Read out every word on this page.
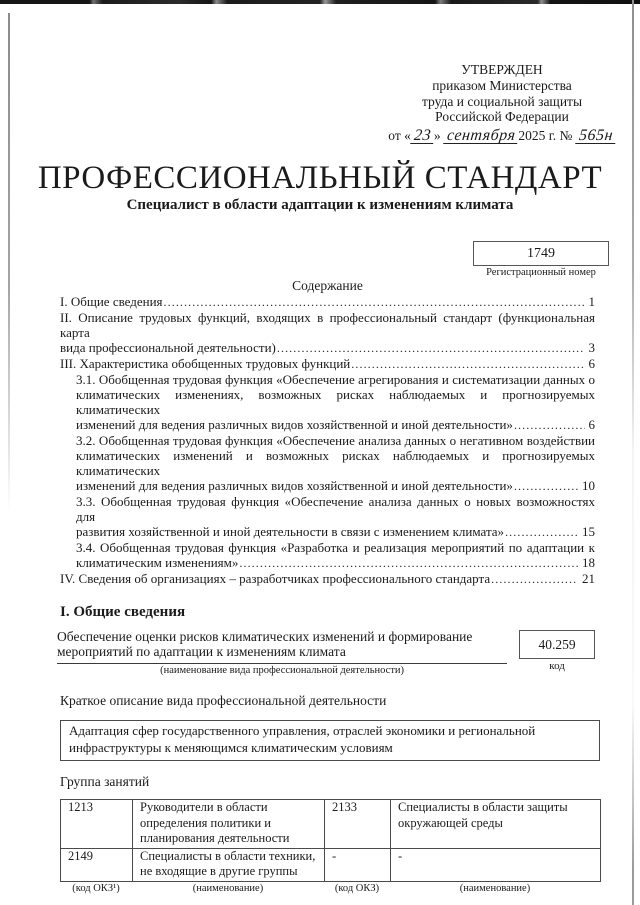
УТВЕРЖДЕН
приказом Министерства
труда и социальной защиты
Российской Федерации
от « 23 » сентября 2025 г. № 565н
ПРОФЕССИОНАЛЬНЫЙ СТАНДАРТ
Специалист в области адаптации к изменениям климата
1749
Регистрационный номер
Содержание
I. Общие сведения .....	1
II. Описание трудовых функций, входящих в профессиональный стандарт (функциональная карта
вида профессиональной деятельности) .....	3
III. Характеристика обобщенных трудовых функций .....	6
3.1. Обобщенная трудовая функция «Обеспечение агрегирования и систематизации данных о
климатических изменениях, возможных рисках наблюдаемых и прогнозируемых климатических
изменений для ведения различных видов хозяйственной и иной деятельности» .....	6
3.2. Обобщенная трудовая функция «Обеспечение анализа данных о негативном воздействии
климатических изменений и возможных рисках наблюдаемых и прогнозируемых климатических
изменений для ведения различных видов хозяйственной и иной деятельности» .....	10
3.3. Обобщенная трудовая функция «Обеспечение анализа данных о новых возможностях для
развития хозяйственной и иной деятельности в связи с изменением климата» .....	15
3.4. Обобщенная трудовая функция «Разработка и реализация мероприятий по адаптации к
климатическим изменениям» .....	18
IV. Сведения об организациях – разработчиках профессионального стандарта .....	21
I. Общие сведения
Обеспечение оценки рисков климатических изменений и формирование
мероприятий по адаптации к изменениям климата
(наименование вида профессиональной деятельности)
40.259
код
Краткое описание вида профессиональной деятельности
Адаптация сфер государственного управления, отраслей экономики и региональной
инфраструктуры к меняющимся климатическим условиям
Группа занятий
1213	Руководители в области определения политики и планирования деятельности	2133	Специалисты в области защиты окружающей среды
2149	Специалисты в области техники, не входящие в другие группы	-	-
(код ОКЗ¹)	(наименование)	(код ОКЗ)	(наименование)
